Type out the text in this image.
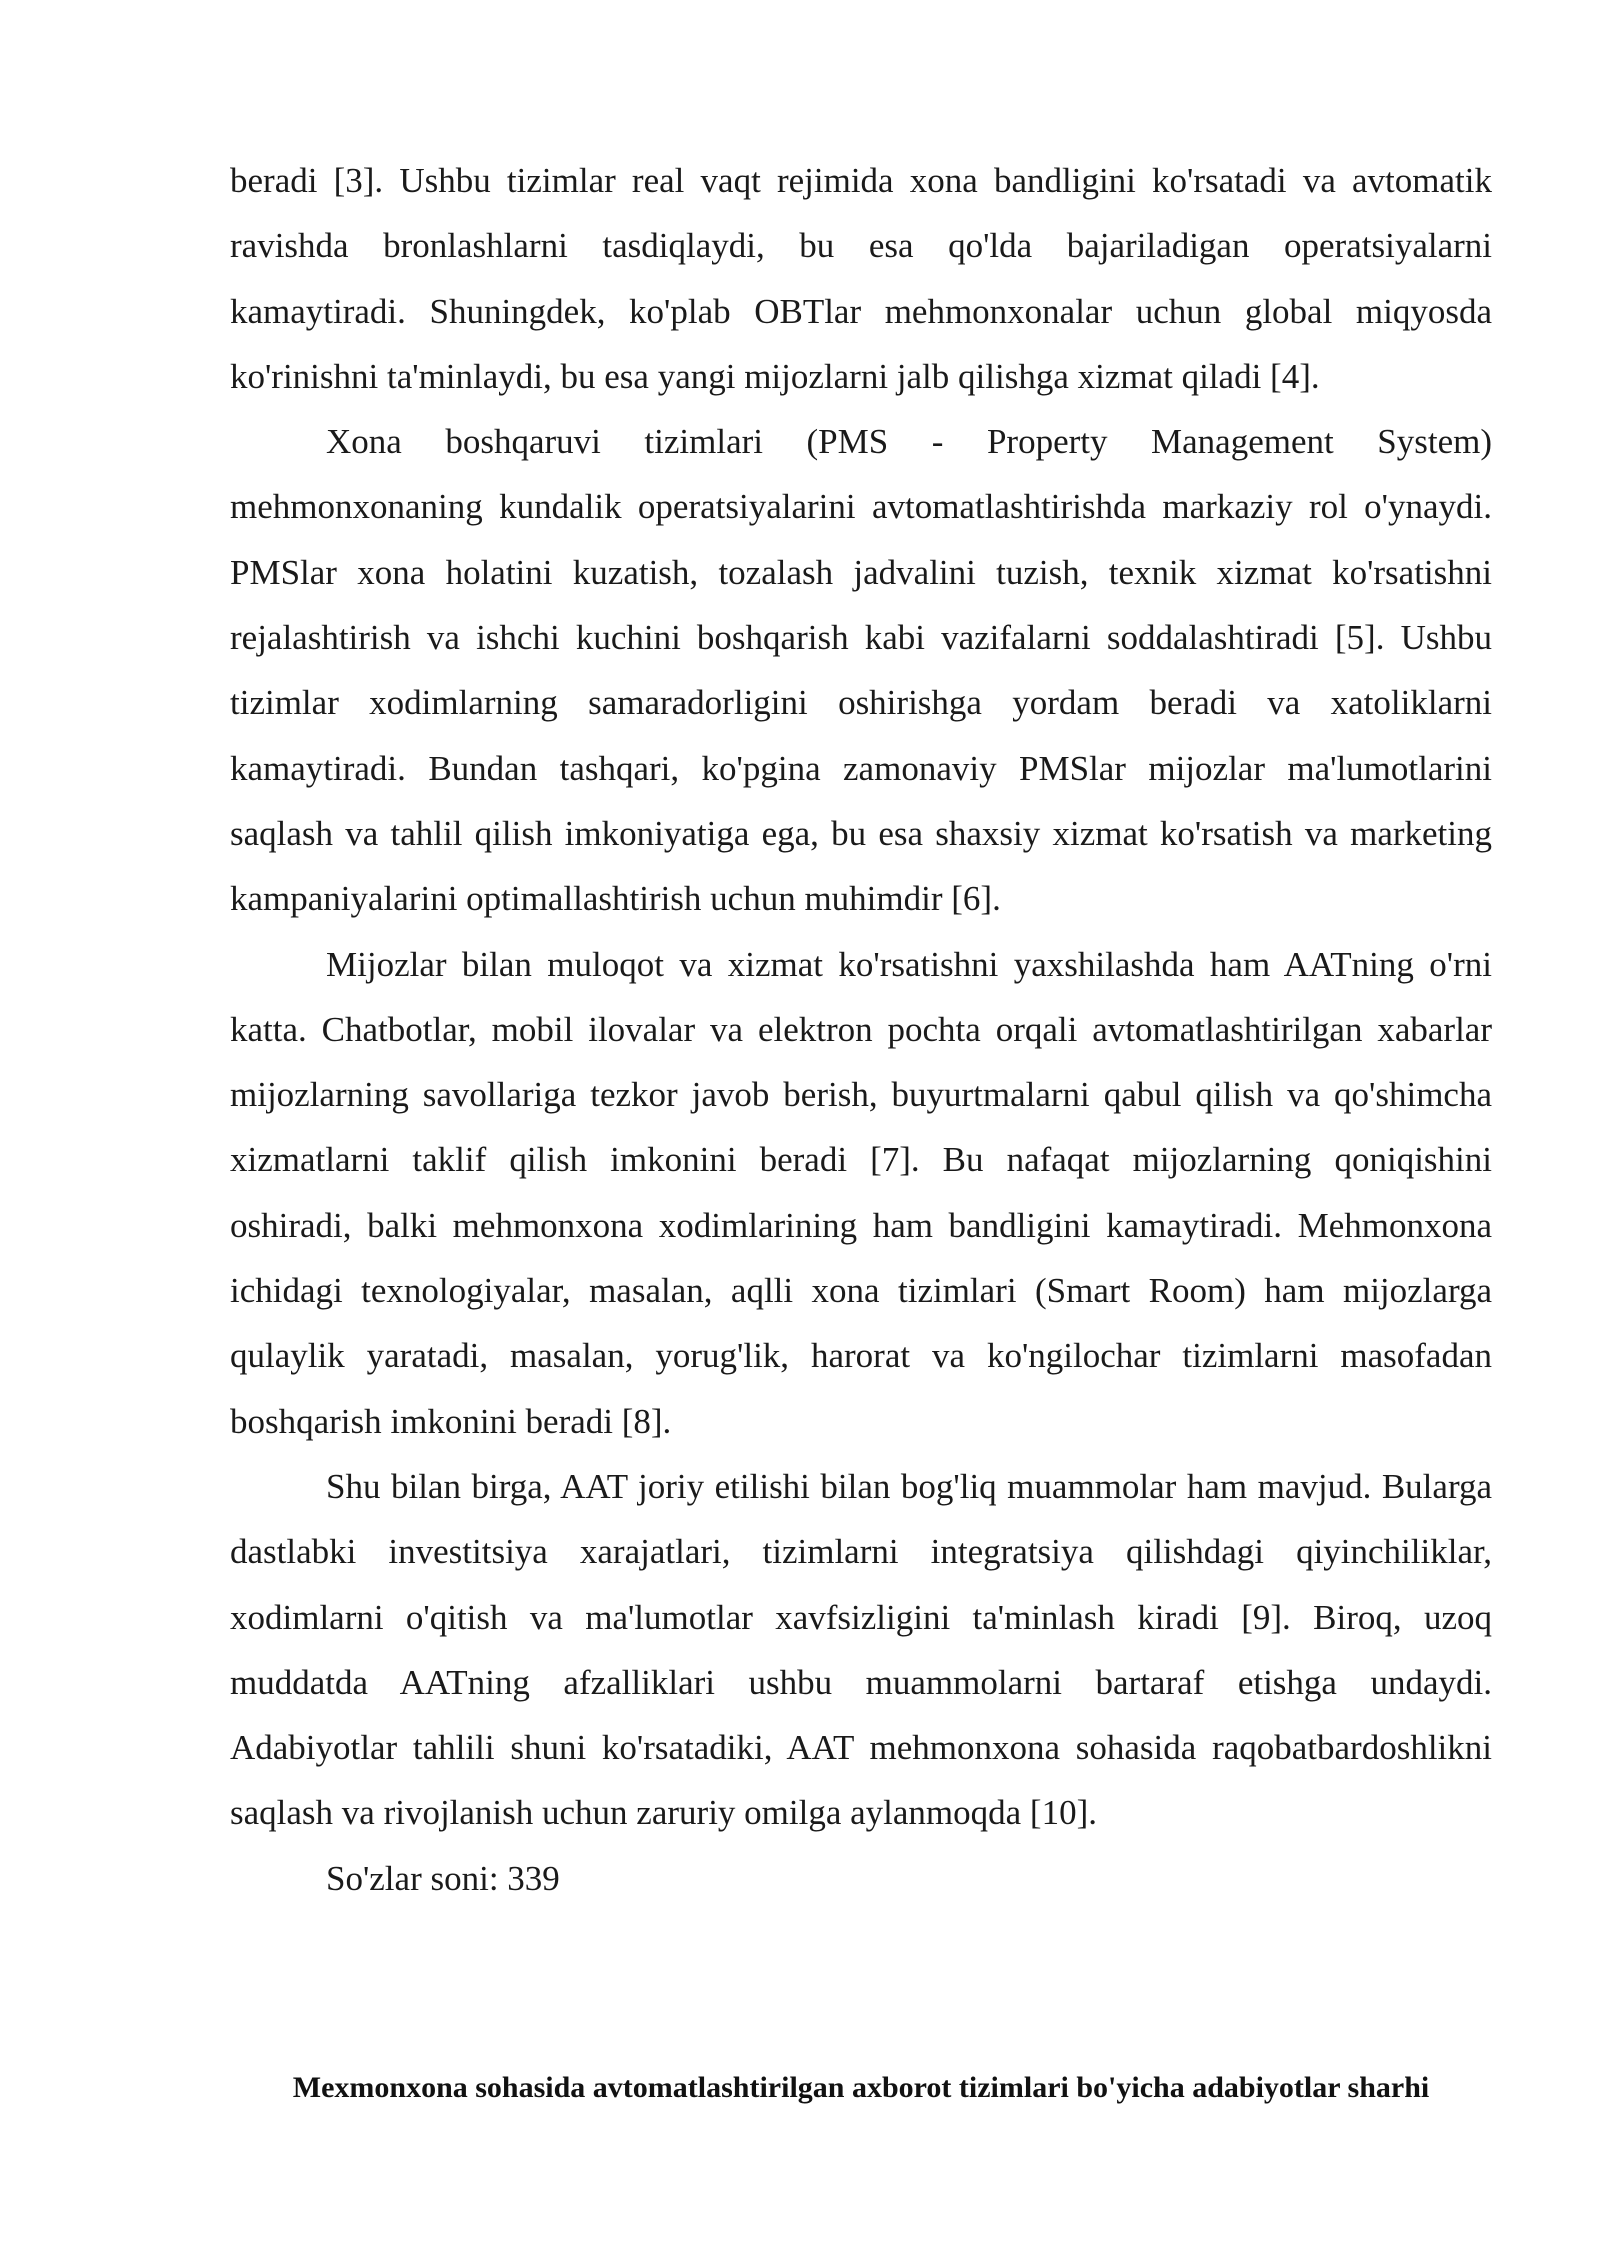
beradi [3]. Ushbu tizimlar real vaqt rejimida xona bandligini ko'rsatadi va avtomatik ravishda bronlashlarni tasdiqlaydi, bu esa qo'lda bajariladigan operatsiyalarni kamaytiradi. Shuningdek, ko'plab OBTlar mehmonxonalar uchun global miqyosda ko'rinishni ta'minlaydi, bu esa yangi mijozlarni jalb qilishga xizmat qiladi [4].

Xona boshqaruvi tizimlari (PMS - Property Management System) mehmonxonaning kundalik operatsiyalarini avtomatlashtirishda markaziy rol o'ynaydi. PMSlar xona holatini kuzatish, tozalash jadvalini tuzish, texnik xizmat ko'rsatishni rejalashtirish va ishchi kuchini boshqarish kabi vazifalarni soddalashtiradi [5]. Ushbu tizimlar xodimlarning samaradorligini oshirishga yordam beradi va xatoliklarni kamaytiradi. Bundan tashqari, ko'pgina zamonaviy PMSlar mijozlar ma'lumotlarini saqlash va tahlil qilish imkoniyatiga ega, bu esa shaxsiy xizmat ko'rsatish va marketing kampaniyalarini optimallashtirish uchun muhimdir [6].

Mijozlar bilan muloqot va xizmat ko'rsatishni yaxshilashda ham AATning o'rni katta. Chatbotlar, mobil ilovalar va elektron pochta orqali avtomatlashtirilgan xabarlar mijozlarning savollariga tezkor javob berish, buyurtmalarni qabul qilish va qo'shimcha xizmatlarni taklif qilish imkonini beradi [7]. Bu nafaqat mijozlarning qoniqishini oshiradi, balki mehmonxona xodimlarining ham bandligini kamaytiradi. Mehmonxona ichidagi texnologiyalar, masalan, aqlli xona tizimlari (Smart Room) ham mijozlarga qulaylik yaratadi, masalan, yorug'lik, harorat va ko'ngilochar tizimlarni masofadan boshqarish imkonini beradi [8].

Shu bilan birga, AAT joriy etilishi bilan bog'liq muammolar ham mavjud. Bularga dastlabki investitsiya xarajatlari, tizimlarni integratsiya qilishdagi qiyinchiliklar, xodimlarni o'qitish va ma'lumotlar xavfsizligini ta'minlash kiradi [9]. Biroq, uzoq muddatda AATning afzalliklari ushbu muammolarni bartaraf etishga undaydi. Adabiyotlar tahlili shuni ko'rsatadiki, AAT mehmonxona sohasida raqobatbardoshlikni saqlash va rivojlanish uchun zaruriy omilga aylanmoqda [10].

So'zlar soni: 339

Mexmonxona sohasida avtomatlashtirilgan axborot tizimlari bo'yicha adabiyotlar sharhi
